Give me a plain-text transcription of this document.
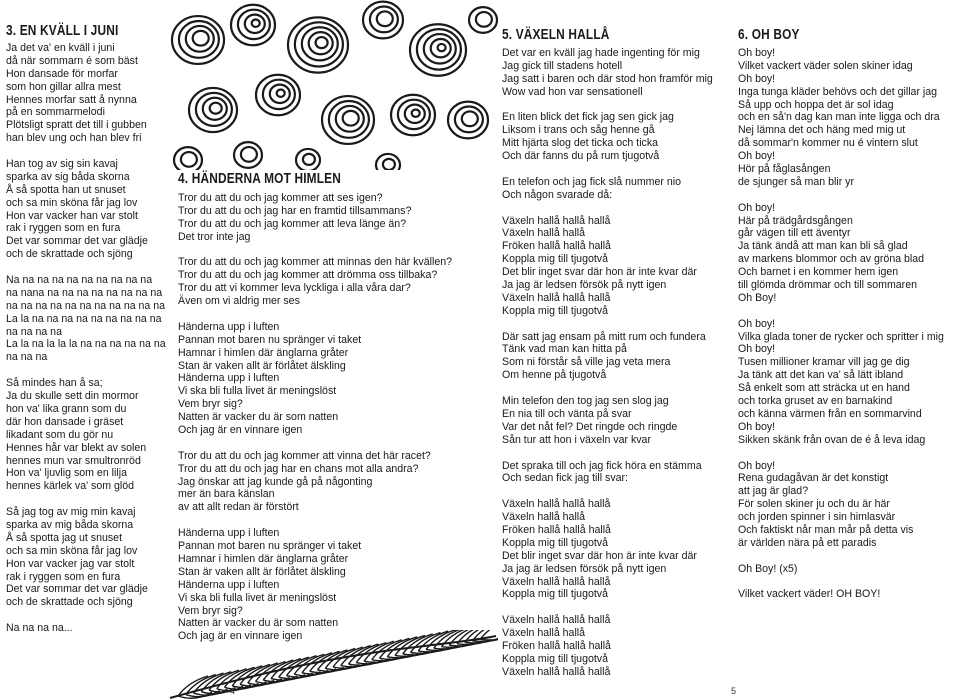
3. EN KVÄLL I JUNI
Ja det va' en kväll i juni
då när sommarn é som bäst
Hon dansade för morfar
som hon gillar allra mest
Hennes morfar satt å nynna
på en sommarmelodi
Plötsligt spratt det till i gubben
han blev ung och han blev fri
Han tog av sig sin kavaj
sparka av sig båda skorna
Å så spotta han ut snuset
och sa min sköna får jag lov
Hon var vacker han var stolt
rak i ryggen som en fura
Det var sommar det var glädje
och de skrattade och sjöng
Na na na na na na na na na na
na nana na na na na na na na na
na na na na na na na na na na na
La la na na na na na na na na na
na na na na
La la na la la la na na na na na na
na na na
Så mindes han å sa;
Ja du skulle sett din mormor
hon va' lika grann som du
där hon dansade i gräset
likadant som du gör nu
Hennes hår var blekt av solen
hennes mun var smultronröd
Hon va' ljuvlig som en lilja
hennes kärlek va' som glöd
Så jag tog av mig min kavaj
sparka av mig båda skorna
Å så spotta jag ut snuset
och sa min sköna får jag lov
Hon var vacker jag var stolt
rak i ryggen som en fura
Det var sommar det var glädje
och de skrattade och sjöng
Na na na na...
4. HÄNDERNA MOT HIMLEN
Tror du att du och jag kommer att ses igen?
Tror du att du och jag har en framtid tillsammans?
Tror du att du och jag kommer att leva länge än?
Det tror inte jag
Tror du att du och jag kommer att minnas den här kvällen?
Tror du att du och jag kommer att drömma oss tillbaka?
Tror du att vi kommer leva lyckliga i alla våra dar?
Även om vi aldrig mer ses
Händerna upp i luften
Pannan mot baren nu spränger vi taket
Hamnar i himlen där änglarna gråter
Stan är vaken allt är förlåtet älskling
Händerna upp i luften
Vi ska bli fulla livet är meningslöst
Vem bryr sig?
Natten är vacker du är som natten
Och jag är en vinnare igen
Tror du att du och jag kommer att vinna det här racet?
Tror du att du och jag har en chans mot alla andra?
Jag önskar att jag kunde gå på någonting
mer än bara känslan
av att allt redan är förstört
Händerna upp i luften
Pannan mot baren nu spränger vi taket
Hamnar i himlen där änglarna gråter
Stan är vaken allt är förlåtet älskling
Händerna upp i luften
Vi ska bli fulla livet är meningslöst
Vem bryr sig?
Natten är vacker du är som natten
Och jag är en vinnare igen
5. VÄXELN HALLÅ
Det var en kväll jag hade ingenting för mig
Jag gick till stadens hotell
Jag satt i baren och där stod hon framför mig
Wow vad hon var sensationell
En liten blick det fick jag sen gick jag
Liksom i trans och såg henne gå
Mitt hjärta slog det ticka och ticka
Och där fanns du på rum tjugotvå
En telefon och jag fick slå nummer nio
Och någon svarade då:
Växeln hallå hallå hallå
Växeln hallå hallå
Fröken hallå hallå hallå
Koppla mig till tjugotvå
Det blir inget svar där hon är inte kvar där
Ja jag är ledsen försök på nytt igen
Växeln hallå hallå hallå
Koppla mig till tjugotvå
Där satt jag ensam på mitt rum och fundera
Tänk vad man kan hitta på
Som ni förstår så ville jag veta mera
Om henne på tjugotvå
Min telefon den tog jag sen slog jag
En nia till och vänta på svar
Var det nåt fel? Det ringde och ringde
Sån tur att hon i växeln var kvar
Det spraka till och jag fick höra en stämma
Och sedan fick jag till svar:
Växeln hallå hallå hallå
Växeln hallå hallå
Fröken hallå hallå hallå
Koppla mig till tjugotvå
Det blir inget svar där hon är inte kvar där
Ja jag är ledsen försök på nytt igen
Växeln hallå hallå hallå
Koppla mig till tjugotvå
Växeln hallå hallå hallå
Växeln hallå hallå
Fröken hallå hallå hallå
Koppla mig till tjugotvå
Växeln hallå hallå hallå
6. OH BOY
Oh boy!
Vilket vackert väder solen skiner idag
Oh boy!
Inga tunga kläder behövs och det gillar jag
Så upp och hoppa det är sol idag
och en så'n dag kan man inte ligga och dra
Nej lämna det och häng med mig ut
då sommar'n kommer nu é vintern slut
Oh boy!
Hör på fåglasången
de sjunger så man blir yr
Oh boy!
Här på trädgårdsgången
går vägen till ett äventyr
Ja tänk ändå att man kan bli så glad
av markens blommor och av gröna blad
Och barnet i en kommer hem igen
till glömda drömmar och till sommaren
Oh Boy!
Oh boy!
Vilka glada toner de rycker och spritter i mig
Oh boy!
Tusen millioner kramar vill jag ge dig
Ja tänk att det kan va' så lätt ibland
Så enkelt som att sträcka ut en hand
och torka gruset av en barnakind
och känna värmen från en sommarvind
Oh boy!
Sikken skänk från ovan de é å leva idag
Oh boy!
Rena gudagåvan är det konstigt
att jag är glad?
För solen skiner ju och du är här
och jorden spinner i sin himlasvär
Och faktiskt når man mår på detta vis
är världen nära på ett paradis
Oh Boy! (x5)
Vilket vackert väder! OH BOY!
4	5
